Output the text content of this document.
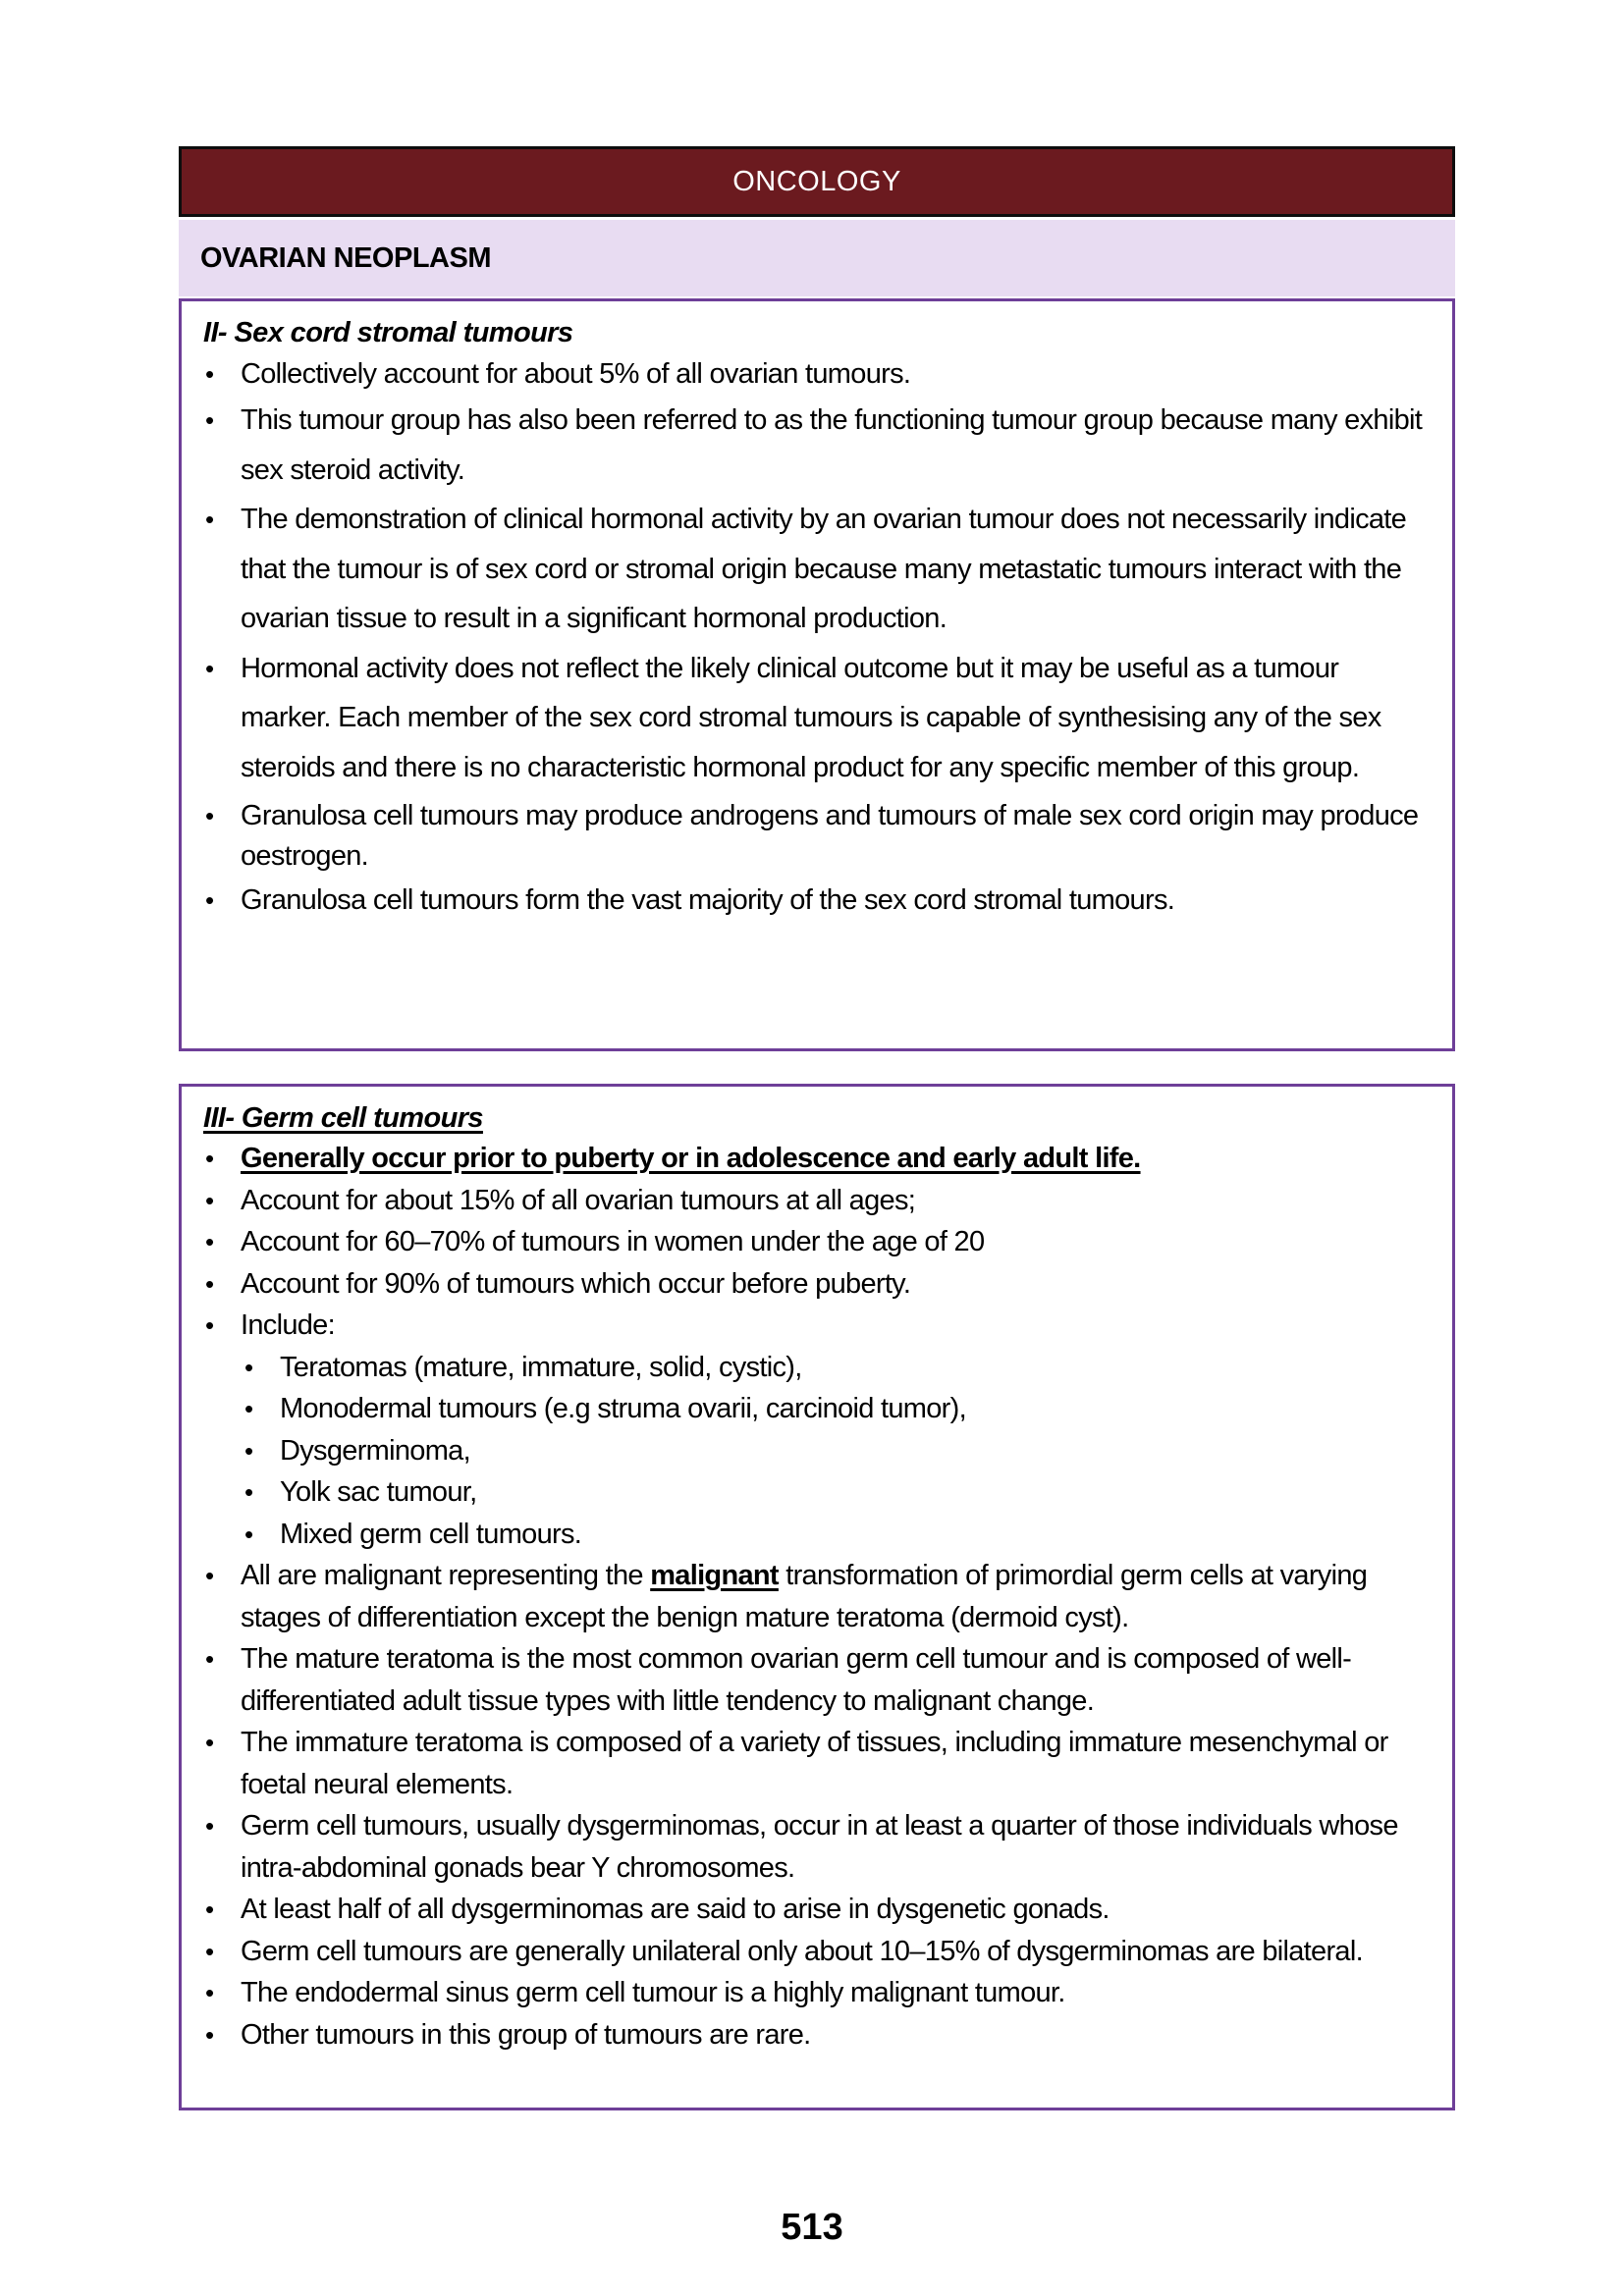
ONCOLOGY
OVARIAN NEOPLASM
II- Sex cord stromal tumours
• Collectively account for about 5% of all ovarian tumours.
• This tumour group has also been referred to as the functioning tumour group because many exhibit sex steroid activity.
• The demonstration of clinical hormonal activity by an ovarian tumour does not necessarily indicate that the tumour is of sex cord or stromal origin because many metastatic tumours interact with the ovarian tissue to result in a significant hormonal production.
• Hormonal activity does not reflect the likely clinical outcome but it may be useful as a tumour marker. Each member of the sex cord stromal tumours is capable of synthesising any of the sex steroids and there is no characteristic hormonal product for any specific member of this group.
• Granulosa cell tumours may produce androgens and tumours of male sex cord origin may produce oestrogen.
• Granulosa cell tumours form the vast majority of the sex cord stromal tumours.
III- Germ cell tumours
• Generally occur prior to puberty or in adolescence and early adult life.
• Account for about 15% of all ovarian tumours at all ages;
• Account for 60–70% of tumours in women under the age of 20
• Account for 90% of tumours which occur before puberty.
• Include:
• Teratomas (mature, immature, solid, cystic),
• Monodermal tumours (e.g struma ovarii, carcinoid tumor),
• Dysgerminoma,
• Yolk sac tumour,
• Mixed germ cell tumours.
• All are malignant representing the malignant transformation of primordial germ cells at varying stages of differentiation except the benign mature teratoma (dermoid cyst).
• The mature teratoma is the most common ovarian germ cell tumour and is composed of well-differentiated adult tissue types with little tendency to malignant change.
• The immature teratoma is composed of a variety of tissues, including immature mesenchymal or foetal neural elements.
• Germ cell tumours, usually dysgerminomas, occur in at least a quarter of those individuals whose intra-abdominal gonads bear Y chromosomes.
• At least half of all dysgerminomas are said to arise in dysgenetic gonads.
• Germ cell tumours are generally unilateral only about 10–15% of dysgerminomas are bilateral.
• The endodermal sinus germ cell tumour is a highly malignant tumour.
• Other tumours in this group of tumours are rare.
513
